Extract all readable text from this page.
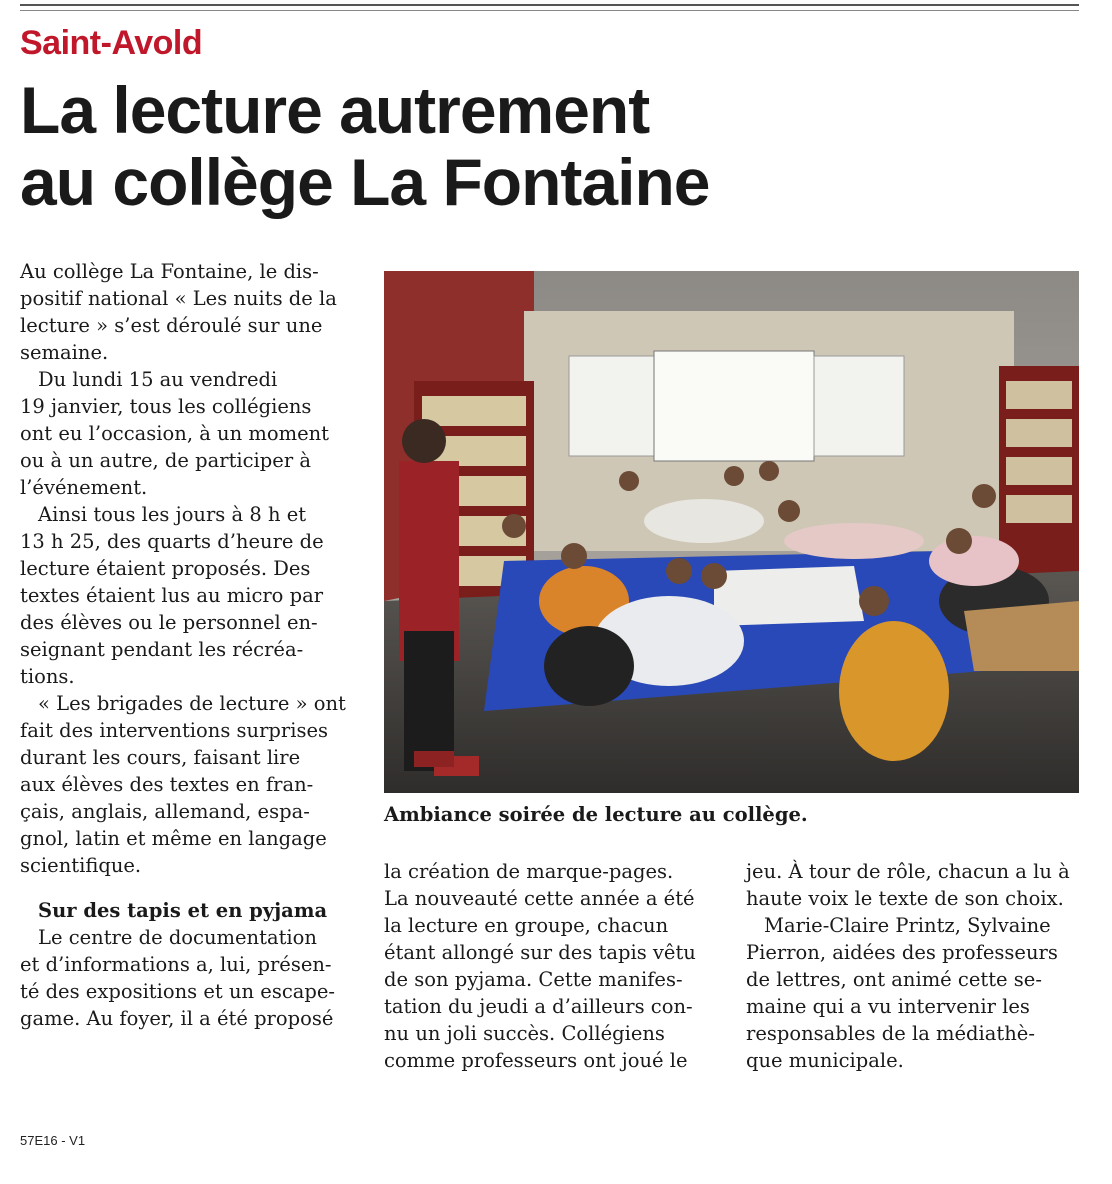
Saint-Avold
La lecture autrement
au collège La Fontaine

Au collège La Fontaine, le dis-
positif national « Les nuits de la
lecture » s’est déroulé sur une
semaine.

Du lundi 15 au vendredi
19 janvier, tous les collégiens
ont eu l’occasion, à un moment
ou à un autre, de participer à
l’événement.

Ainsi tous les jours à 8 h et
13 h 25, des quarts d’heure de
lecture étaient proposés. Des
textes étaient lus au micro par
des élèves ou le personnel en-
seignant pendant les récréa-
tions.

« Les brigades de lecture » ont
fait des interventions surprises
durant les cours, faisant lire
aux élèves des textes en fran-
çais, anglais, allemand, espa-
gnol, latin et même en langage
scientifique.

Sur des tapis et en pyjama

Le centre de documentation
et d’informations a, lui, présen-
té des expositions et un escape-
game. Au foyer, il a été proposé

Ambiance soirée de lecture au collège.

la création de marque-pages.
La nouveauté cette année a été
la lecture en groupe, chacun
étant allongé sur des tapis vêtu
de son pyjama. Cette manifes-
tation du jeudi a d’ailleurs con-
nu un joli succès. Collégiens
comme professeurs ont joué le

jeu. À tour de rôle, chacun a lu à
haute voix le texte de son choix.

Marie-Claire Printz, Sylvaine
Pierron, aidées des professeurs
de lettres, ont animé cette se-
maine qui a vu intervenir les
responsables de la médiathè-
que municipale.

57E16 - V1
